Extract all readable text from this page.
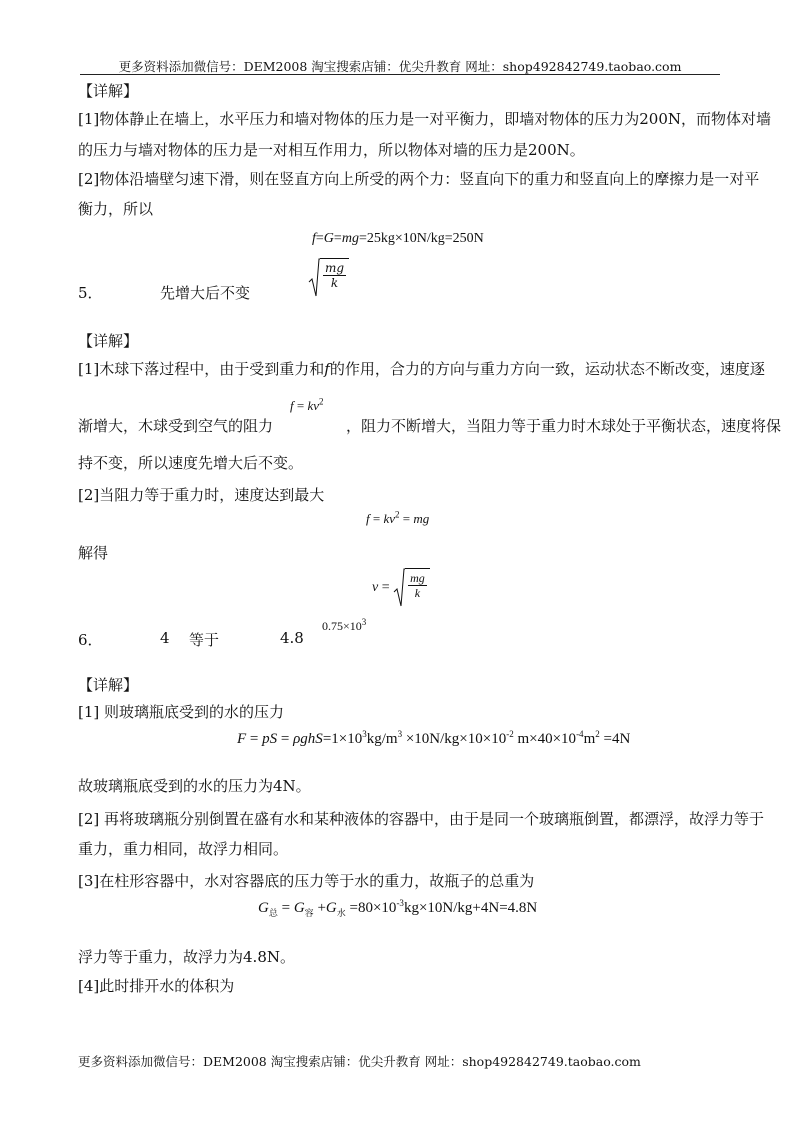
更多资料添加微信号：DEM2008 淘宝搜索店铺：优尖升教育 网址：shop492842749.taobao.com
【详解】
[1]物体静止在墙上，水平压力和墙对物体的压力是一对平衡力，即墙对物体的压力为200N，而物体对墙
的压力与墙对物体的压力是一对相互作用力，所以物体对墙的压力是200N。
[2]物体沿墙壁匀速下滑，则在竖直方向上所受的两个力：竖直向下的重力和竖直向上的摩擦力是一对平
衡力，所以
f=G=mg=25kg×10N/kg=250N
5．	先增大后不变
$\frac{mg}{k}$
【详解】
[1]木球下落过程中，由于受到重力和f的作用，合力的方向与重力方向一致，运动状态不断改变，速度逐
渐增大，木球受到空气的阻力
$f = kv^2$
，阻力不断增大，当阻力等于重力时木球处于平衡状态，速度将保
持不变，所以速度先增大后不变。
[2]当阻力等于重力时，速度达到最大
$f = kv^2$ = mg
解得
$v = \frac{mg}{k}$
6．	4 等于	4.8
$0.75\times 10^3$
【详解】
[1] 则玻璃瓶底受到的水的压力
F = pS = $\rho ghS=1\times 10^3kg/m^3 \times 10N/kg\times 10\times 10^{-2}$ $m\times 40\times 10^{-4}m^2 =4N$
故玻璃瓶底受到的水的压力为4N。
[2] 再将玻璃瓶分别倒置在盛有水和某种液体的容器中，由于是同一个玻璃瓶倒置，都漂浮，故浮力等于
重力，重力相同，故浮力相同。
[3]在柱形容器中，水对容器底的压力等于水的重力，故瓶子的总重为
$G_总 = G_容 +G_水 =80\times 10^{-3}kg\times 10N/kg+4N=4.8N$
浮力等于重力，故浮力为4.8N。
[4]此时排开水的体积为
更多资料添加微信号：DEM2008 淘宝搜索店铺：优尖升教育 网址：shop492842749.taobao.com
